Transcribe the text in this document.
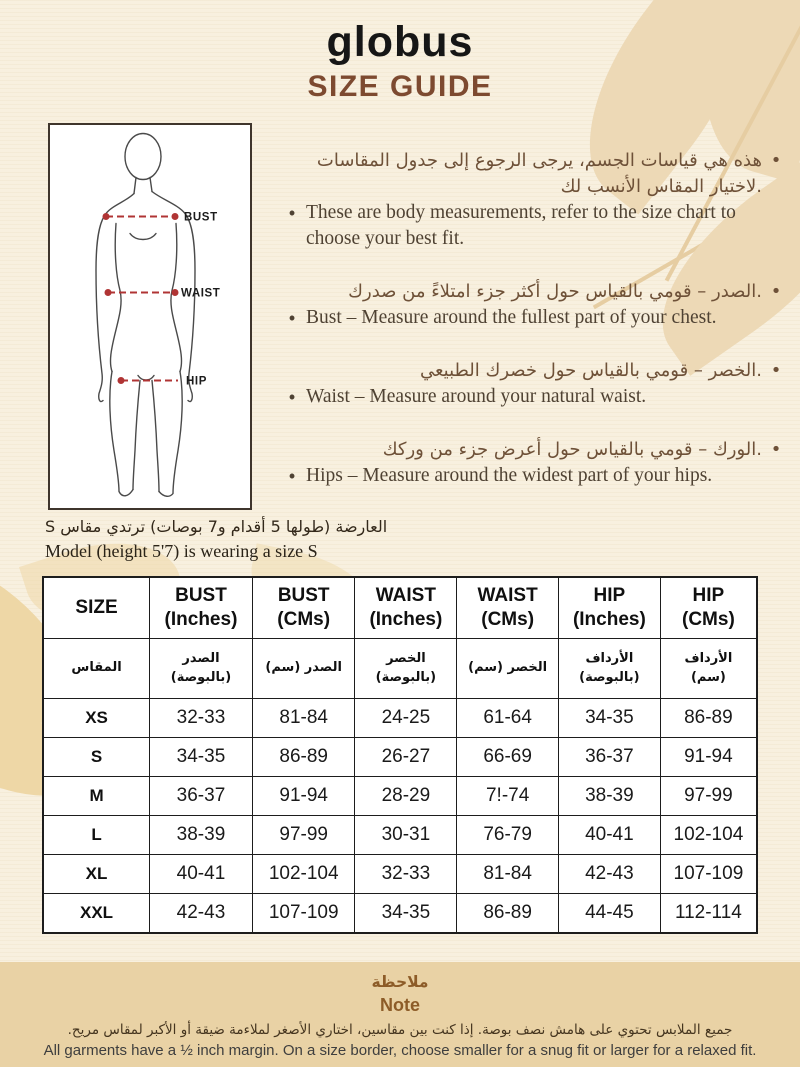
globus
SIZE GUIDE
BUST
WAIST
HIP
•
هذه هي قياسات الجسم، يرجى الرجوع إلى جدول المقاسات
.لاختيار المقاس الأنسب لك
• These are body measurements, refer to the size chart to
choose your best fit.
•
.الصدر – قومي بالقياس حول أكثر جزء امتلاءً من صدرك
• Bust – Measure around the fullest part of your chest.
•
.الخصر – قومي بالقياس حول خصرك الطبيعي
• Waist – Measure around your natural waist.
•
.الورك – قومي بالقياس حول أعرض جزء من وركك
• Hips – Measure around the widest part of your hips.
العارضة (طولها 5 أقدام و7 بوصات) ترتدي مقاس S
Model (height 5'7) is wearing a size S
SIZE	BUST (Inches)	BUST (CMs)	WAIST (Inches)	WAIST (CMs)	HIP (Inches)	HIP (CMs)
المقاس	الصدر (بالبوصة)	الصدر (سم)	الخصر (بالبوصة)	الخصر (سم)	الأرداف (بالبوصة)	الأرداف (سم)
XS	32-33	81-84	24-25	61-64	34-35	86-89
S	34-35	86-89	26-27	66-69	36-37	91-94
M	36-37	91-94	28-29	7!-74	38-39	97-99
L	38-39	97-99	30-31	76-79	40-41	102-104
XL	40-41	102-104	32-33	81-84	42-43	107-109
XXL	42-43	107-109	34-35	86-89	44-45	112-114
ملاحظة
Note
جميع الملابس تحتوي على هامش نصف بوصة. إذا كنت بين مقاسين، اختاري الأصغر لملاءمة ضيقة أو الأكبر لمقاس مريح.
All garments have a ½ inch margin. On a size border, choose smaller for a snug fit or larger for a relaxed fit.
